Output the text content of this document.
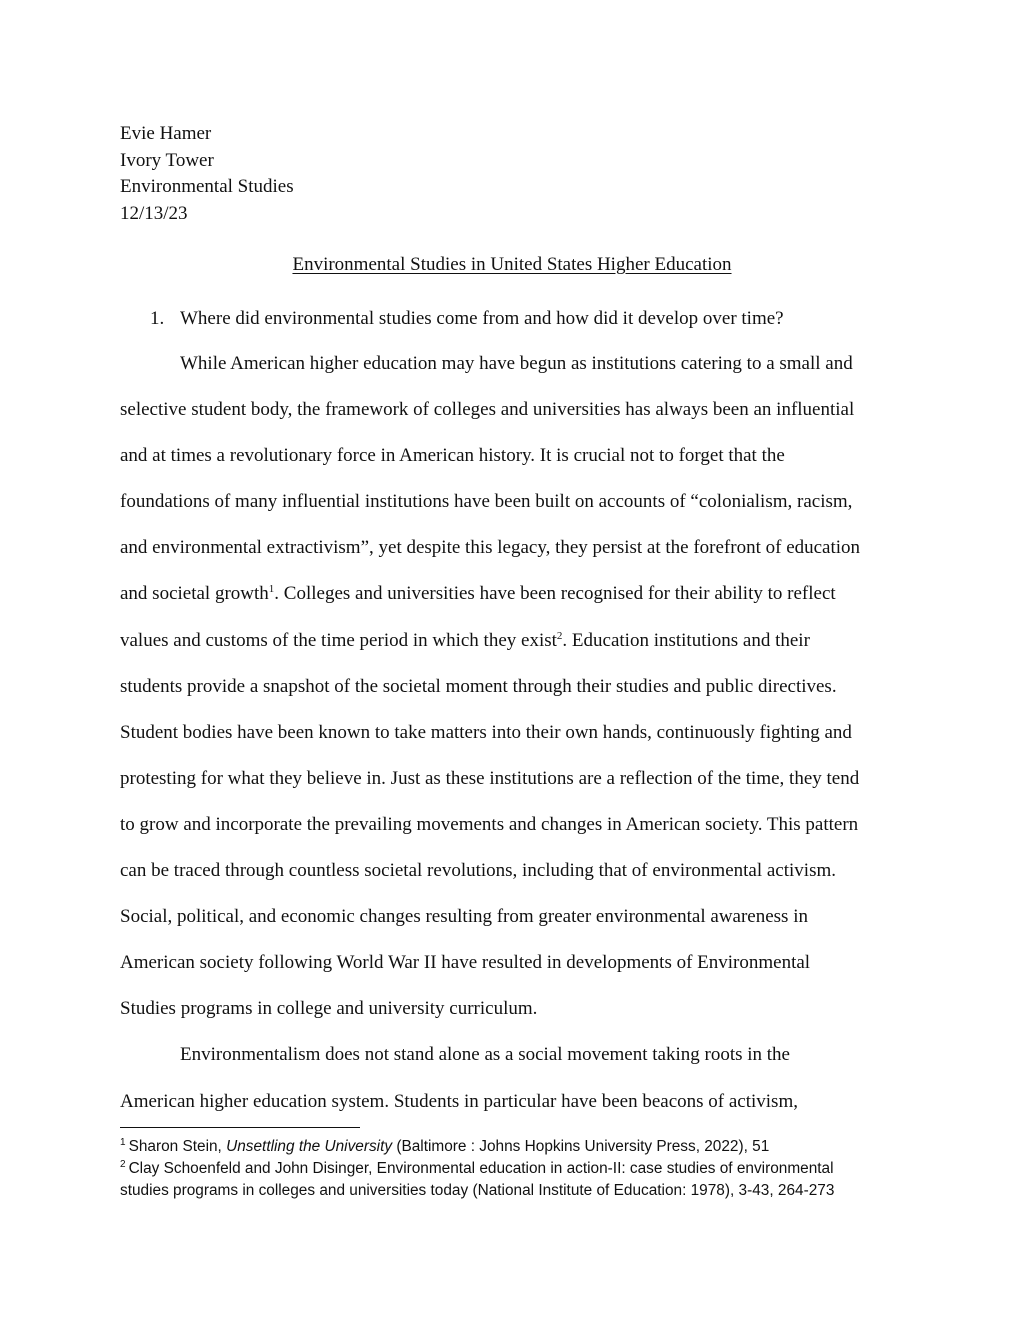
Evie Hamer
Ivory Tower
Environmental Studies
12/13/23
Environmental Studies in United States Higher Education
1. Where did environmental studies come from and how did it develop over time?
While American higher education may have begun as institutions catering to a small and
selective student body, the framework of colleges and universities has always been an influential
and at times a revolutionary force in American history. It is crucial not to forget that the
foundations of many influential institutions have been built on accounts of “colonialism, racism,
and environmental extractivism”, yet despite this legacy, they persist at the forefront of education
and societal growth$^1$. Colleges and universities have been recognised for their ability to reflect
values and customs of the time period in which they exist$^2$. Education institutions and their
students provide a snapshot of the societal moment through their studies and public directives.
Student bodies have been known to take matters into their own hands, continuously fighting and
protesting for what they believe in. Just as these institutions are a reflection of the time, they tend
to grow and incorporate the prevailing movements and changes in American society. This pattern
can be traced through countless societal revolutions, including that of environmental activism.
Social, political, and economic changes resulting from greater environmental awareness in
American society following World War II have resulted in developments of Environmental
Studies programs in college and university curriculum.
Environmentalism does not stand alone as a social movement taking roots in the
American higher education system. Students in particular have been beacons of activism,
$^1$ Sharon Stein, Unsettling the University (Baltimore : Johns Hopkins University Press, 2022), 51
$^2$ Clay Schoenfeld and John Disinger, Environmental education in action-II: case studies of environmental
studies programs in colleges and universities today (National Institute of Education: 1978), 3-43, 264-273
